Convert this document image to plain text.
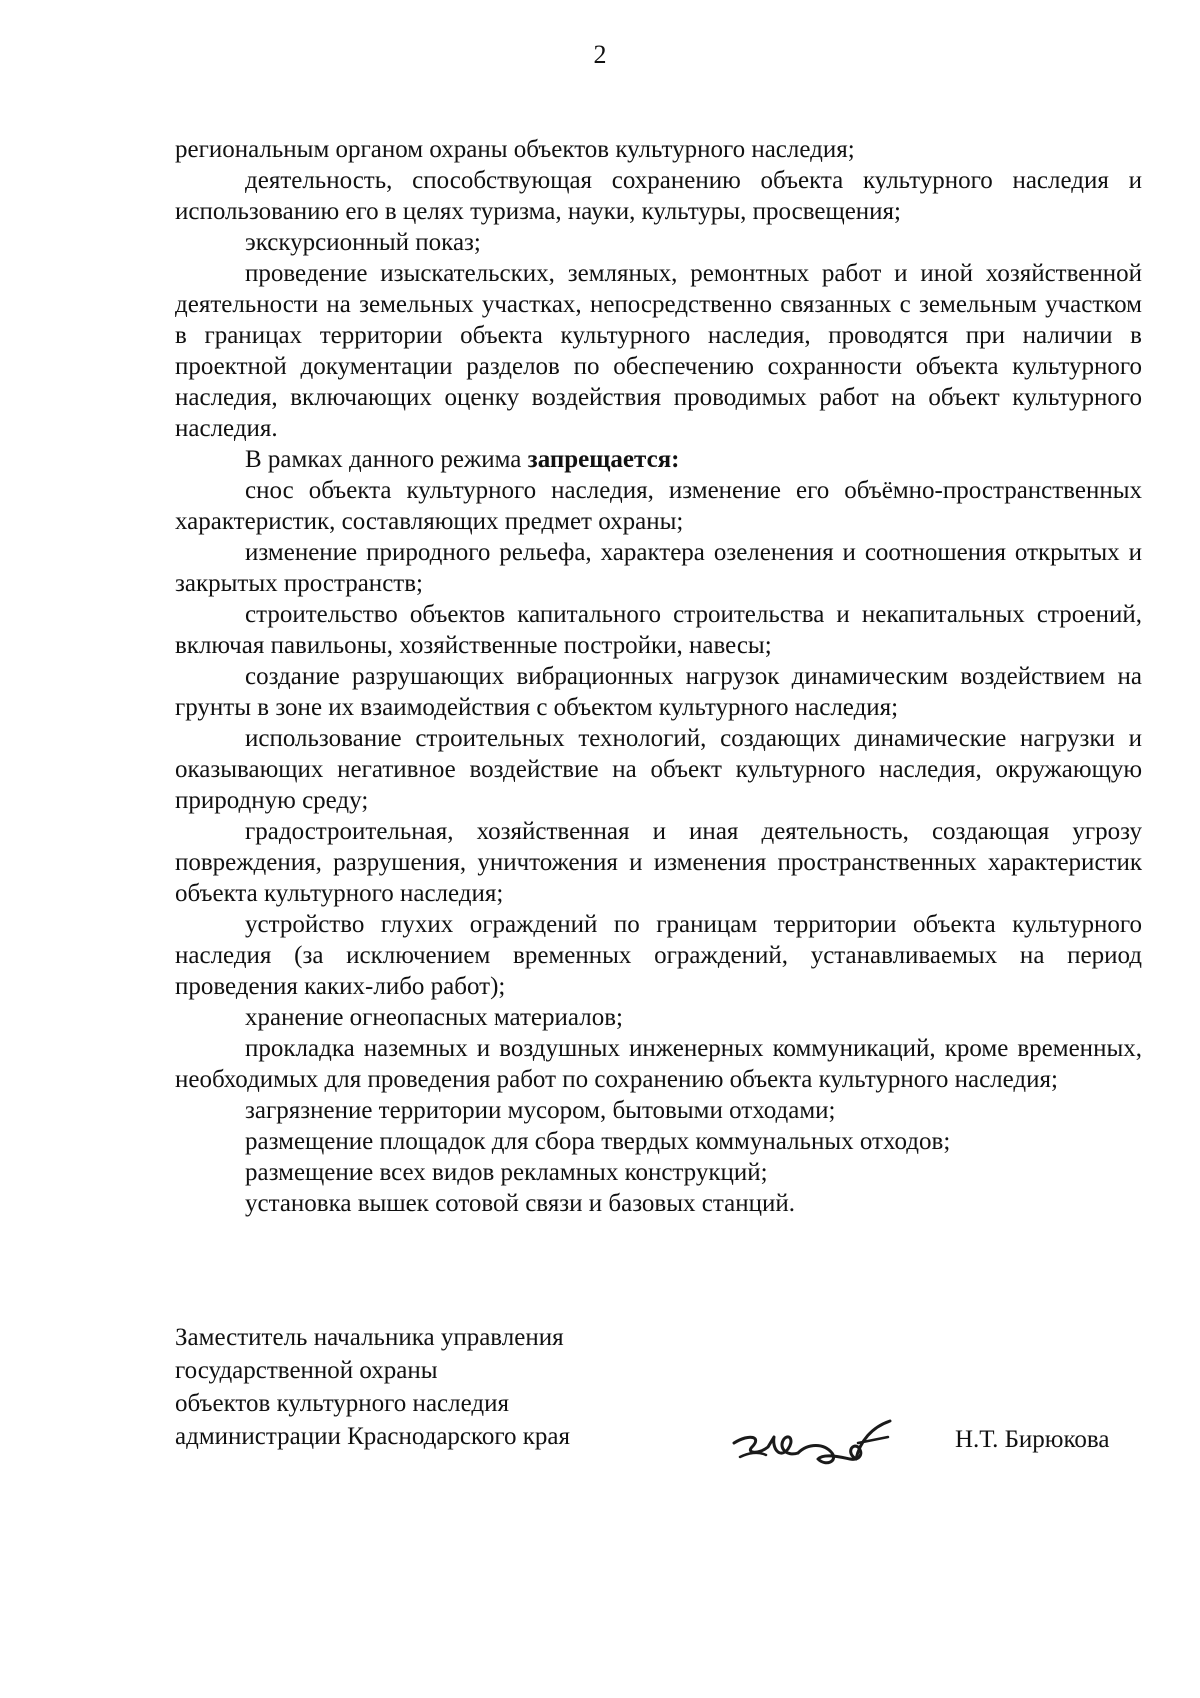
2

региональным органом охраны объектов культурного наследия;

деятельность, способствующая сохранению объекта культурного наследия и использованию его в целях туризма, науки, культуры, просвещения;

экскурсионный показ;

проведение изыскательских, земляных, ремонтных работ и иной хозяйственной деятельности на земельных участках, непосредственно связанных с земельным участком в границах территории объекта культурного наследия, проводятся при наличии в проектной документации разделов по обеспечению сохранности объекта культурного наследия, включающих оценку воздействия проводимых работ на объект культурного наследия.

В рамках данного режима запрещается:

снос объекта культурного наследия, изменение его объёмно-пространственных характеристик, составляющих предмет охраны;

изменение природного рельефа, характера озеленения и соотношения открытых и закрытых пространств;

строительство объектов капитального строительства и некапитальных строений, включая павильоны, хозяйственные постройки, навесы;

создание разрушающих вибрационных нагрузок динамическим воздействием на грунты в зоне их взаимодействия с объектом культурного наследия;

использование строительных технологий, создающих динамические нагрузки и оказывающих негативное воздействие на объект культурного наследия, окружающую природную среду;

градостроительная, хозяйственная и иная деятельность, создающая угрозу повреждения, разрушения, уничтожения и изменения пространственных характеристик объекта культурного наследия;

устройство глухих ограждений по границам территории объекта культурного наследия (за исключением временных ограждений, устанавливаемых на период проведения каких-либо работ);

хранение огнеопасных материалов;

прокладка наземных и воздушных инженерных коммуникаций, кроме временных, необходимых для проведения работ по сохранению объекта культурного наследия;

загрязнение территории мусором, бытовыми отходами;

размещение площадок для сбора твердых коммунальных отходов;

размещение всех видов рекламных конструкций;

установка вышек сотовой связи и базовых станций.

Заместитель начальника управления
государственной охраны
объектов культурного наследия
администрации Краснодарского края	Н.Т. Бирюкова
